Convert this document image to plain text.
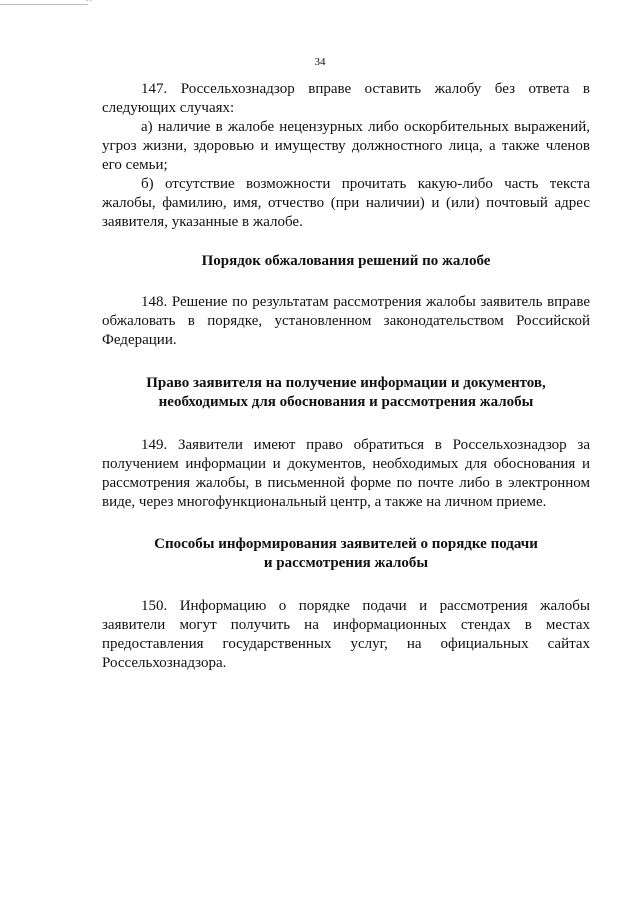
34

147. Россельхознадзор вправе оставить жалобу без ответа в следующих случаях:

а) наличие в жалобе нецензурных либо оскорбительных выражений, угроз жизни, здоровью и имуществу должностного лица, а также членов его семьи;

б) отсутствие возможности прочитать какую-либо часть текста жалобы, фамилию, имя, отчество (при наличии) и (или) почтовый адрес заявителя, указанные в жалобе.

Порядок обжалования решений по жалобе

148. Решение по результатам рассмотрения жалобы заявитель вправе обжаловать в порядке, установленном законодательством Российской Федерации.

Право заявителя на получение информации и документов,
необходимых для обоснования и рассмотрения жалобы

149. Заявители имеют право обратиться в Россельхознадзор за получением информации и документов, необходимых для обоснования и рассмотрения жалобы, в письменной форме по почте либо в электронном виде, через многофункциональный центр, а также на личном приеме.

Способы информирования заявителей о порядке подачи
и рассмотрения жалобы

150. Информацию о порядке подачи и рассмотрения жалобы заявители могут получить на информационных стендах в местах предоставления государственных услуг, на официальных сайтах Россельхознадзора.
